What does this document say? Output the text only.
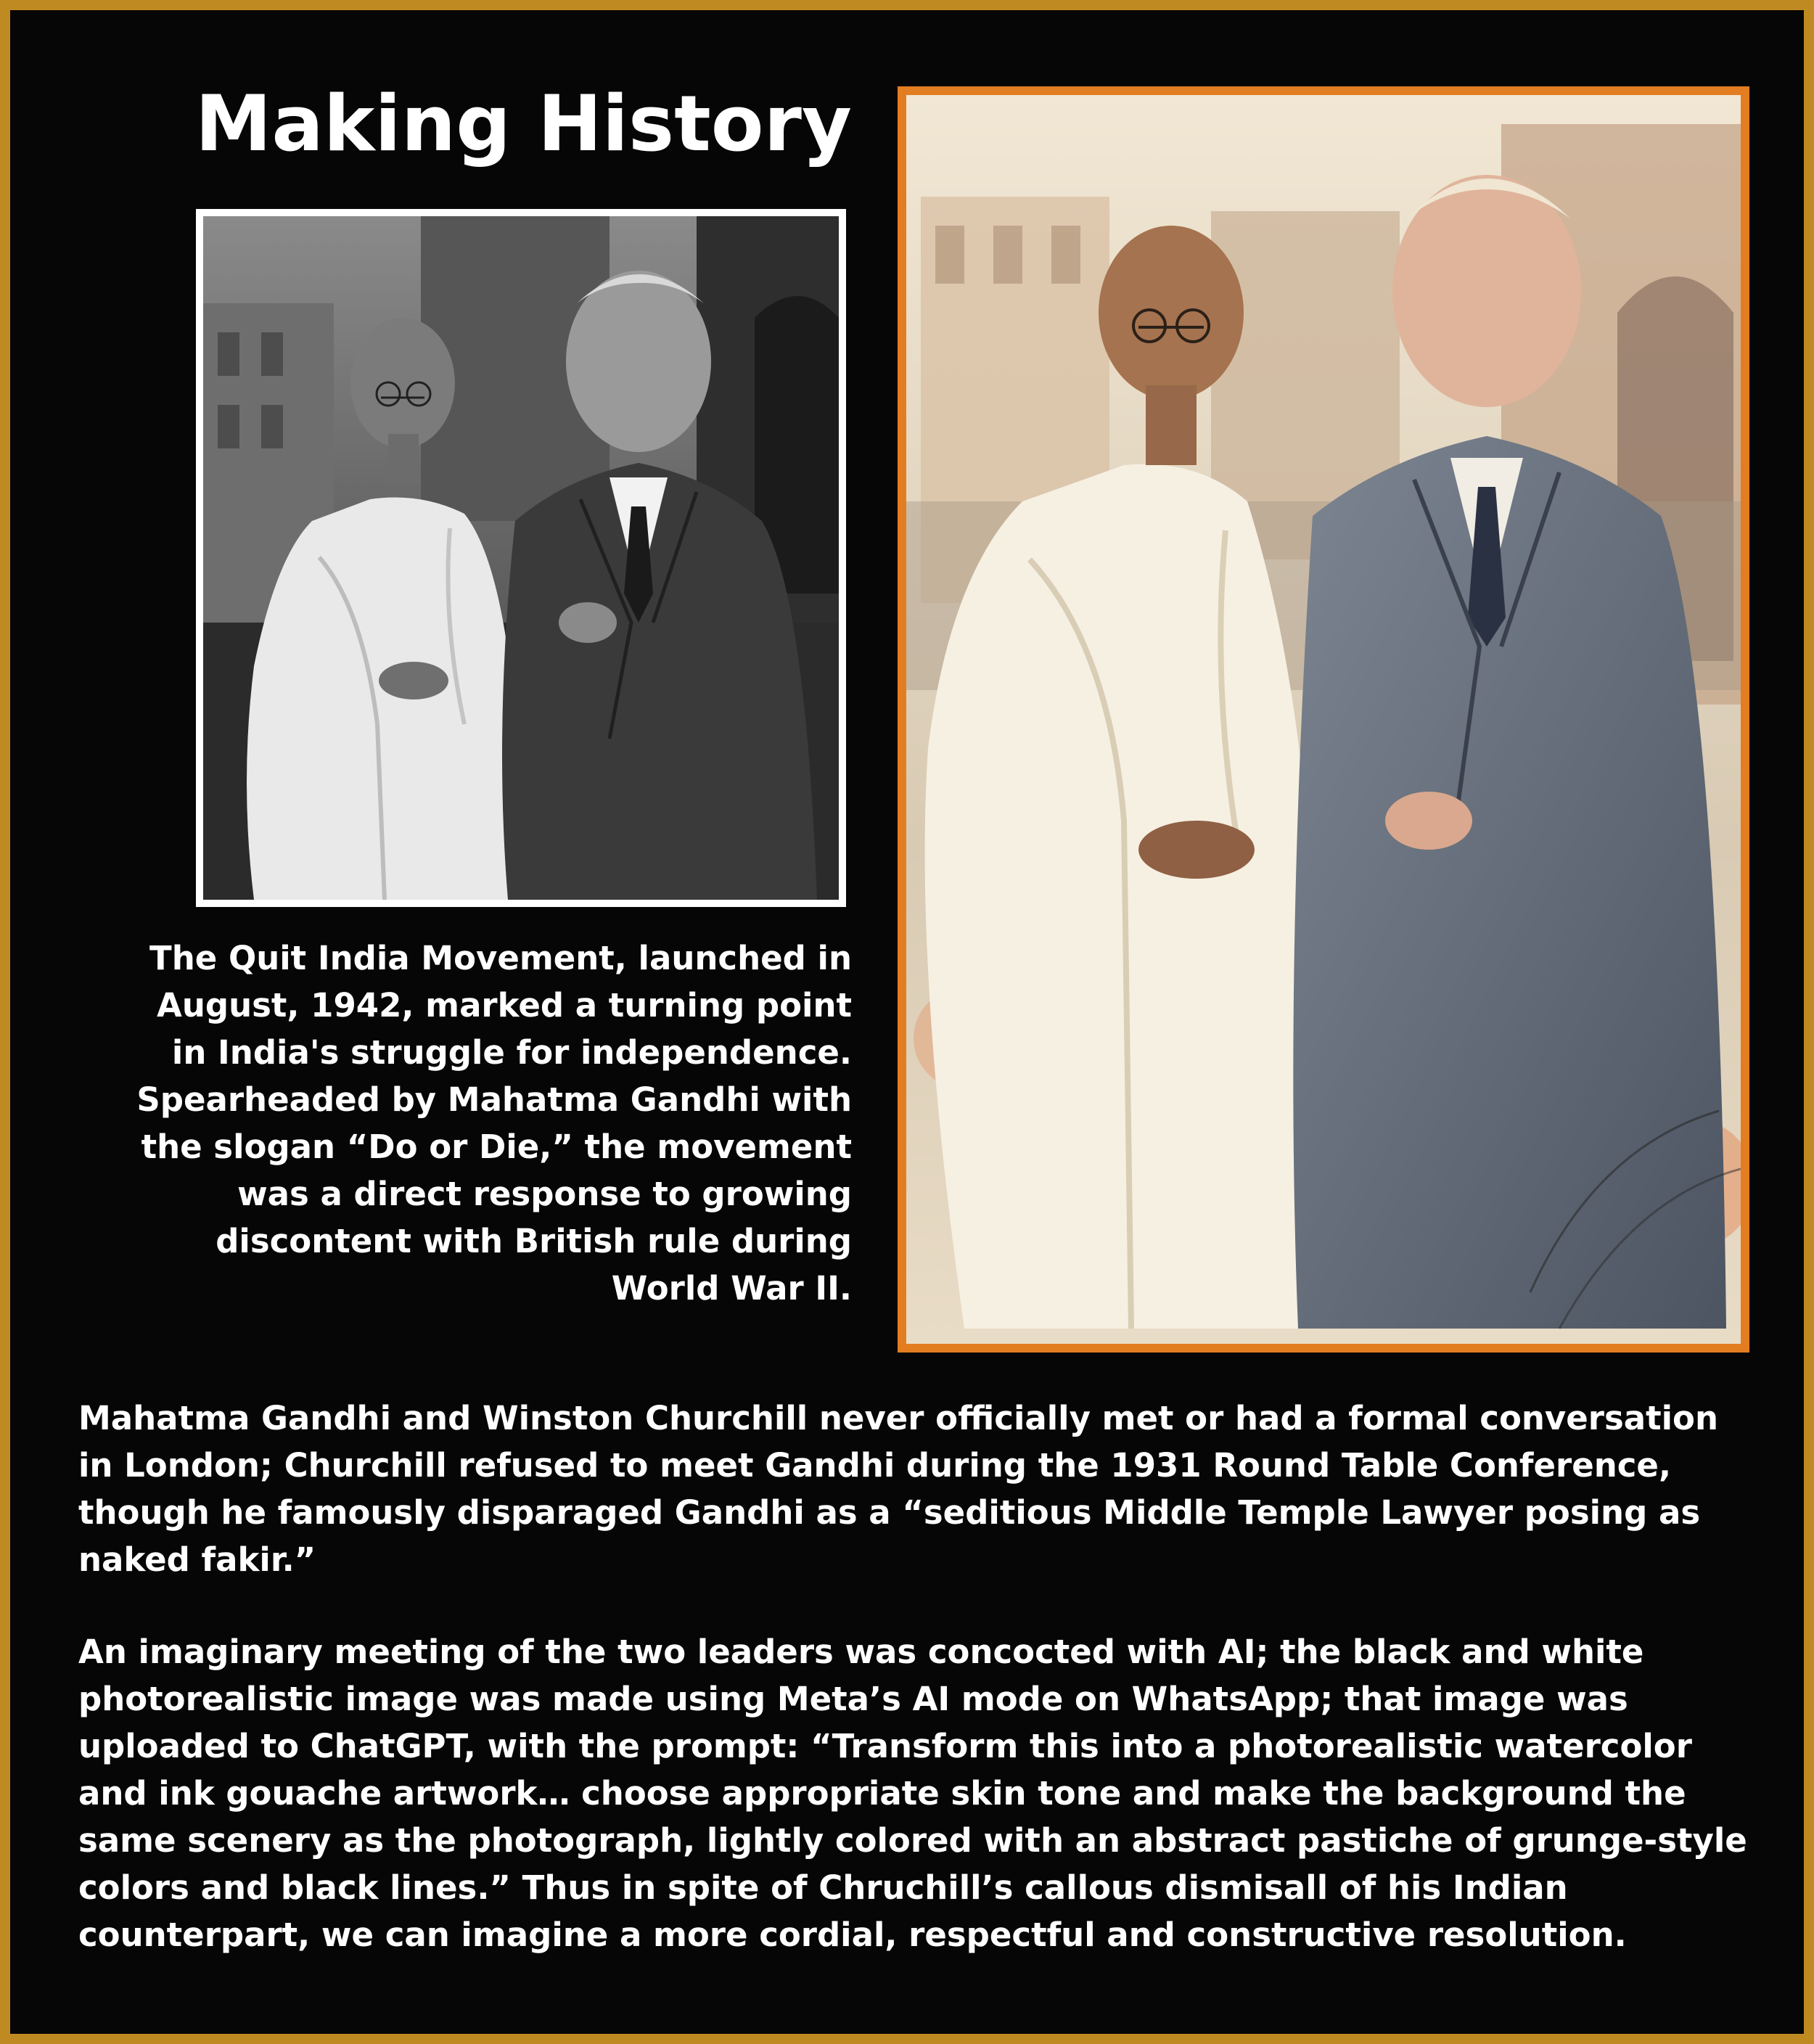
Making History

The Quit India Movement, launched in August, 1942, marked a turning point in India's struggle for independence. Spearheaded by Mahatma Gandhi with the slogan “Do or Die,” the movement was a direct response to growing discontent with British rule during World War II.

Mahatma Gandhi and Winston Churchill never officially met or had a formal conversation in London; Churchill refused to meet Gandhi during the 1931 Round Table Conference, though he famously disparaged Gandhi as a “seditious Middle Temple Lawyer posing as naked fakir.”

An imaginary meeting of the two leaders was concocted with AI; the black and white photorealistic image was made using Meta’s AI mode on WhatsApp; that image was uploaded to ChatGPT, with the prompt: “Transform this into a photorealistic watercolor and ink gouache artwork… choose appropriate skin tone and make the background the same scenery as the photograph, lightly colored with an abstract pastiche of grunge-style colors and black lines.” Thus in spite of Chruchill’s callous dismisall of his Indian counterpart, we can imagine a more cordial, respectful and constructive resolution.
